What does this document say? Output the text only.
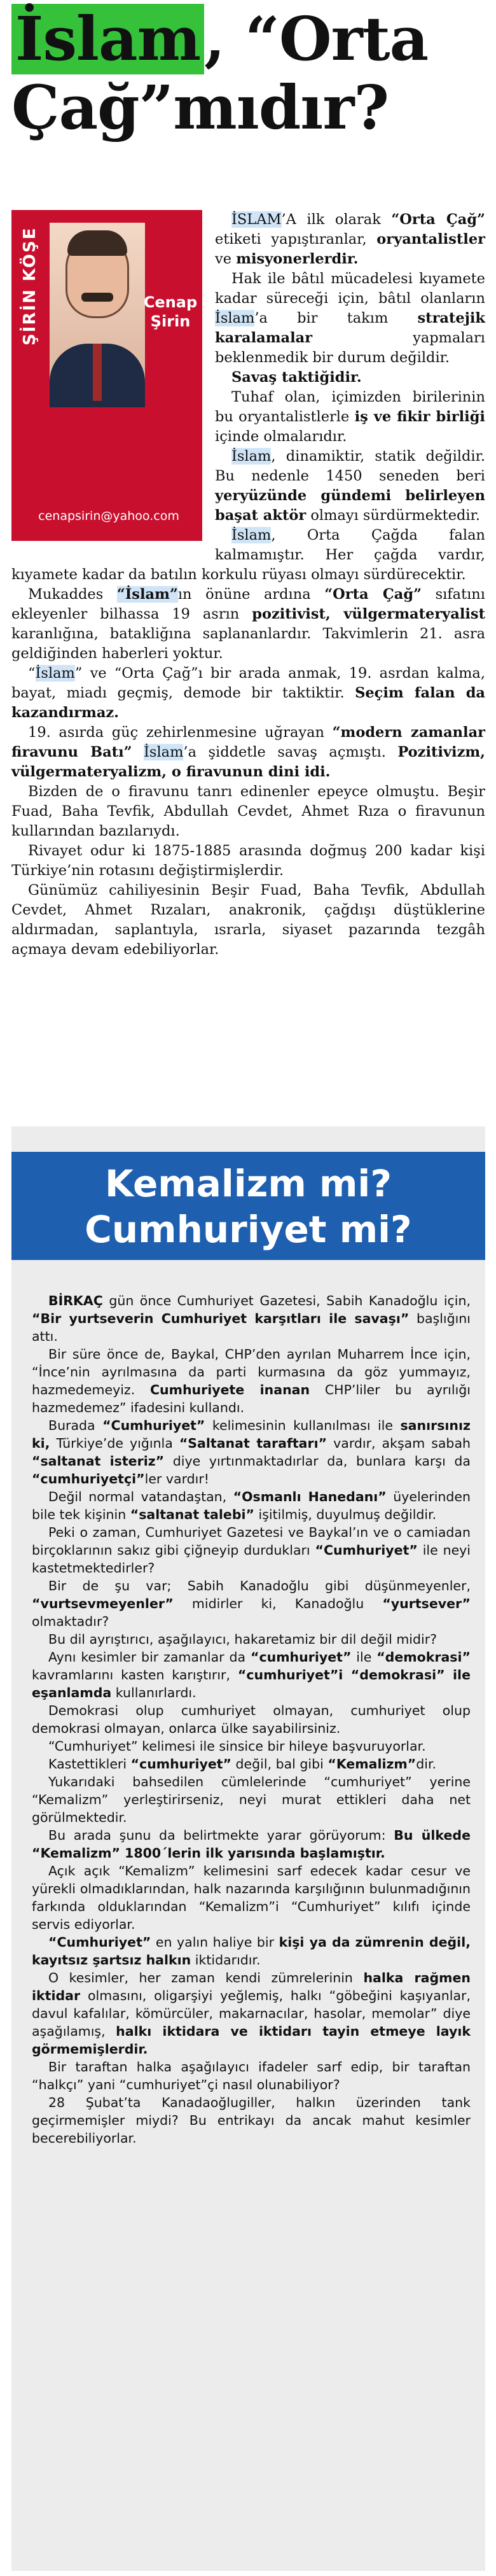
İslam, “Orta Çağ”mıdır?
ŞİRİN KÖŞE	Cenap
Şirin
cenapsirin@yahoo.com

İSLAM’A ilk olarak “Orta Çağ” etiketi yapıştıranlar, oryantalistler ve misyonerlerdir.

Hak ile bâtıl mücadelesi kıyamete kadar süreceği için, bâtıl olanların İslam’a bir takım stratejik karalamalar yapmaları beklenmedik bir durum değildir.

Savaş taktiğidir.

Tuhaf olan, içimizden birilerinin bu oryantalistlerle iş ve fikir birliği içinde olmalarıdır.

İslam, dinamiktir, statik değildir. Bu nedenle 1450 seneden beri yeryüzünde gündemi belirleyen başat aktör olmayı sürdürmektedir.

İslam, Orta Çağda falan kalmamıştır. Her çağda vardır, kıyamete kadar da batılın korkulu rüyası olmayı sürdürecektir.

Mukaddes “İslam”ın önüne ardına “Orta Çağ” sıfatını ekleyenler bilhassa 19 asrın pozitivist, vülgermateryalist karanlığına, batakliğına saplananlardır. Takvimlerin 21. asra geldiğinden haberleri yoktur.

“İslam” ve “Orta Çağ”ı bir arada anmak, 19. asrdan kalma, bayat, miadı geçmiş, demode bir taktiktir. Seçim falan da kazandırmaz.

19. asırda güç zehirlenmesine uğrayan “modern zamanlar firavunu Batı” İslam’a şiddetle savaş açmıştı. Pozitivizm, vülgermateryalizm, o firavunun dini idi.

Bizden de o firavunu tanrı edinenler epeyce olmuştu. Beşir Fuad, Baha Tevfik, Abdullah Cevdet, Ahmet Rıza o firavunun kullarından bazılarıydı.

Rivayet odur ki 1875-1885 arasında doğmuş 200 kadar kişi Türkiye’nin rotasını değiştirmişlerdir.

Günümüz cahiliyesinin Beşir Fuad, Baha Tevfik, Abdullah Cevdet, Ahmet Rızaları, anakronik, çağdışı düştüklerine aldırmadan, saplantıyla, ısrarla, siyaset pazarında tezgâh açmaya devam edebiliyorlar.

Kemalizm mi?
Cumhuriyet mi?

BİRKAÇ gün önce Cumhuriyet Gazetesi, Sabih Kanadoğlu için, “Bir yurtseverin Cumhuriyet karşıtları ile savaşı” başlığını attı.

Bir süre önce de, Baykal, CHP’den ayrılan Muharrem İnce için, “İnce’nin ayrılmasına da parti kurmasına da göz yummayız, hazmedemeyiz. Cumhuriyete inanan CHP’liler bu ayrılığı hazmedemez” ifadesini kullandı.

Burada “Cumhuriyet” kelimesinin kullanılması ile sanırsınız ki, Türkiye’de yığınla “Saltanat taraftarı” vardır, akşam sabah “saltanat isteriz” diye yırtınmaktadırlar da, bunlara karşı da “cumhuriyetçi”ler vardır!

Değil normal vatandaştan, “Osmanlı Hanedanı” üyelerinden bile tek kişinin “saltanat talebi” işitilmiş, duyulmuş değildir.

Peki o zaman, Cumhuriyet Gazetesi ve Baykal’ın ve o camiadan birçoklarının sakız gibi çiğneyip durdukları “Cumhuriyet” ile neyi kastetmektedirler?

Bir de şu var; Sabih Kanadoğlu gibi düşünmeyenler, “vurtsevmeyenler” midirler ki, Kanadoğlu “yurtsever” olmaktadır?

Bu dil ayrıştırıcı, aşağılayıcı, hakaretamiz bir dil değil midir?

Aynı kesimler bir zamanlar da “cumhuriyet” ile “demokrasi” kavramlarını kasten karıştırır, “cumhuriyet”i “demokrasi” ile eşanlamda kullanırlardı.

Demokrasi olup cumhuriyet olmayan, cumhuriyet olup demokrasi olmayan, onlarca ülke sayabilirsiniz.

“Cumhuriyet” kelimesi ile sinsice bir hileye başvuruyorlar.

Kastettikleri “cumhuriyet” değil, bal gibi “Kemalizm”dir.

Yukarıdaki bahsedilen cümlelerinde “cumhuriyet” yerine “Kemalizm” yerleştirirseniz, neyi murat ettikleri daha net görülmektedir.

Bu arada şunu da belirtmekte yarar görüyorum: Bu ülkede “Kemalizm” 1800´lerin ilk yarısında başlamıştır.

Açık açık “Kemalizm” kelimesini sarf edecek kadar cesur ve yürekli olmadıklarından, halk nazarında karşılığının bulunmadığının farkında olduklarından “Kemalizm”i “Cumhuriyet” kılıfı içinde servis ediyorlar.

“Cumhuriyet” en yalın haliye bir kişi ya da zümrenin değil, kayıtsız şartsız halkın iktidarıdır.

O kesimler, her zaman kendi zümrelerinin halka rağmen iktidar olmasını, oligarşiyi yeğlemiş, halkı “göbeğini kaşıyanlar, davul kafalılar, kömürcüler, makarnacılar, hasolar, memolar” diye aşağılamış, halkı iktidara ve iktidarı tayin etmeye layık görmemişlerdir.

Bir taraftan halka aşağılayıcı ifadeler sarf edip, bir taraftan “halkçı” yani “cumhuriyet”çi nasıl olunabiliyor?

28 Şubat’ta Kanadaoğlugiller, halkın üzerinden tank geçirmemişler miydi? Bu entrikayı da ancak mahut kesimler becerebiliyorlar.
